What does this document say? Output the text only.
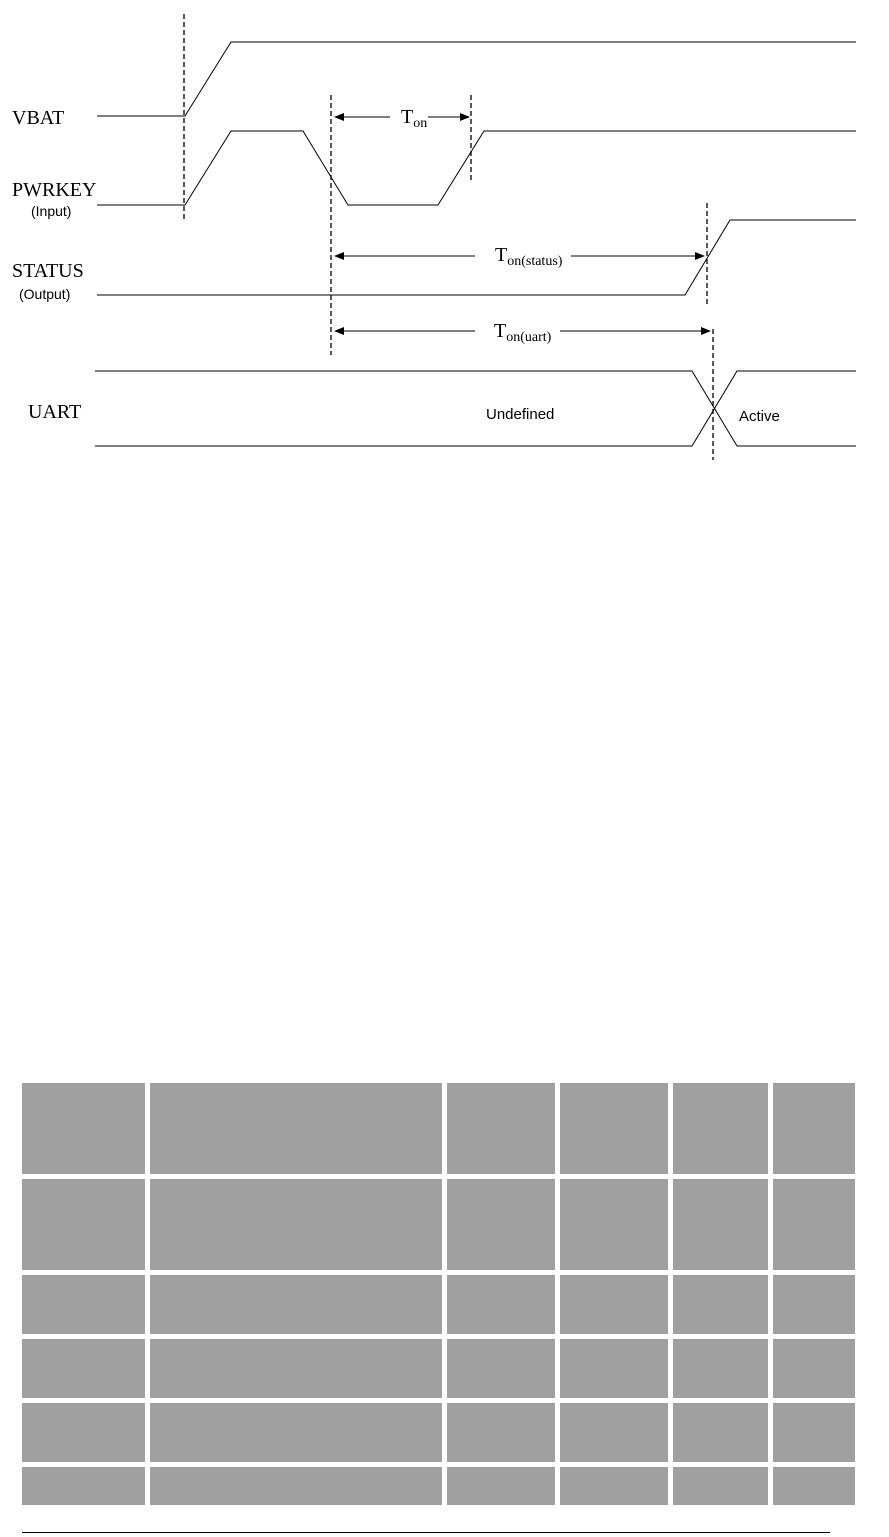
VBAT
PWRKEY
(Input)
STATUS
(Output)
UART
$T_{on}$
$T_{on(status)}$
$T_{on(uart)}$
Undefined	Active
